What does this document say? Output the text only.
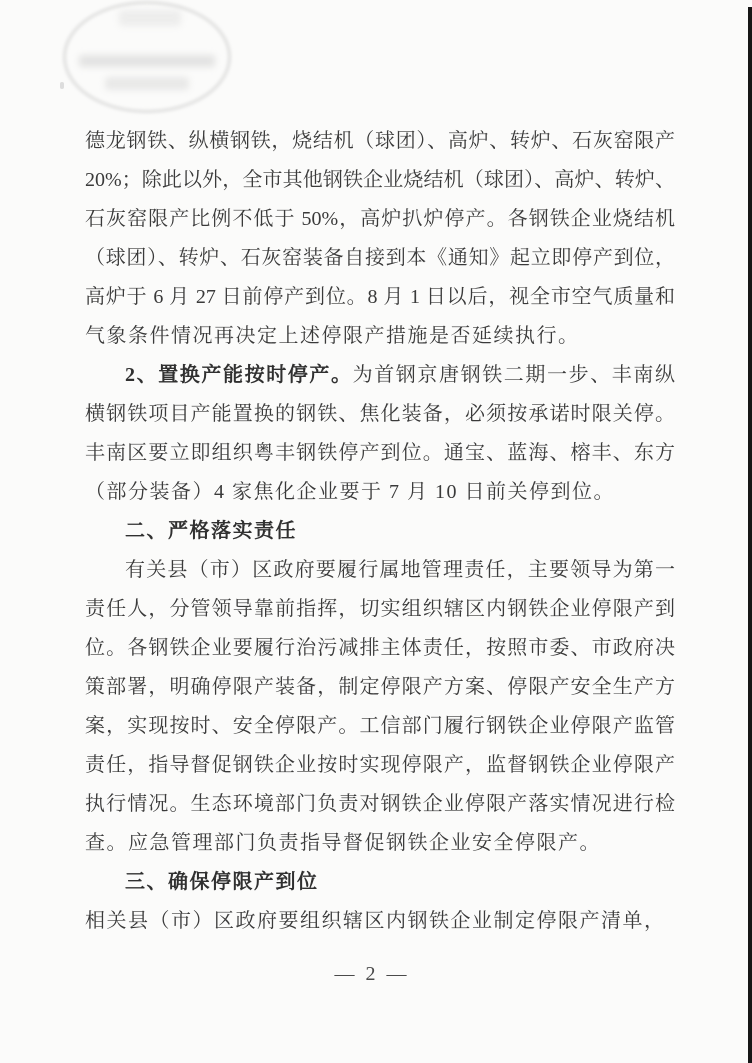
德龙钢铁、纵横钢铁，烧结机（球团）、高炉、转炉、石灰窑限产
20%；除此以外，全市其他钢铁企业烧结机（球团）、高炉、转炉、
石灰窑限产比例不低于 50%，高炉扒炉停产。各钢铁企业烧结机
（球团）、转炉、石灰窑装备自接到本《通知》起立即停产到位，
高炉于 6 月 27 日前停产到位。8 月 1 日以后，视全市空气质量和
气象条件情况再决定上述停限产措施是否延续执行。
2、置换产能按时停产。为首钢京唐钢铁二期一步、丰南纵
横钢铁项目产能置换的钢铁、焦化装备，必须按承诺时限关停。
丰南区要立即组织粤丰钢铁停产到位。通宝、蓝海、榕丰、东方
（部分装备）4 家焦化企业要于 7 月 10 日前关停到位。
二、严格落实责任
有关县（市）区政府要履行属地管理责任，主要领导为第一
责任人，分管领导靠前指挥，切实组织辖区内钢铁企业停限产到
位。各钢铁企业要履行治污减排主体责任，按照市委、市政府决
策部署，明确停限产装备，制定停限产方案、停限产安全生产方
案，实现按时、安全停限产。工信部门履行钢铁企业停限产监管
责任，指导督促钢铁企业按时实现停限产，监督钢铁企业停限产
执行情况。生态环境部门负责对钢铁企业停限产落实情况进行检
查。应急管理部门负责指导督促钢铁企业安全停限产。
三、确保停限产到位
相关县（市）区政府要组织辖区内钢铁企业制定停限产清单，
— 2 —
